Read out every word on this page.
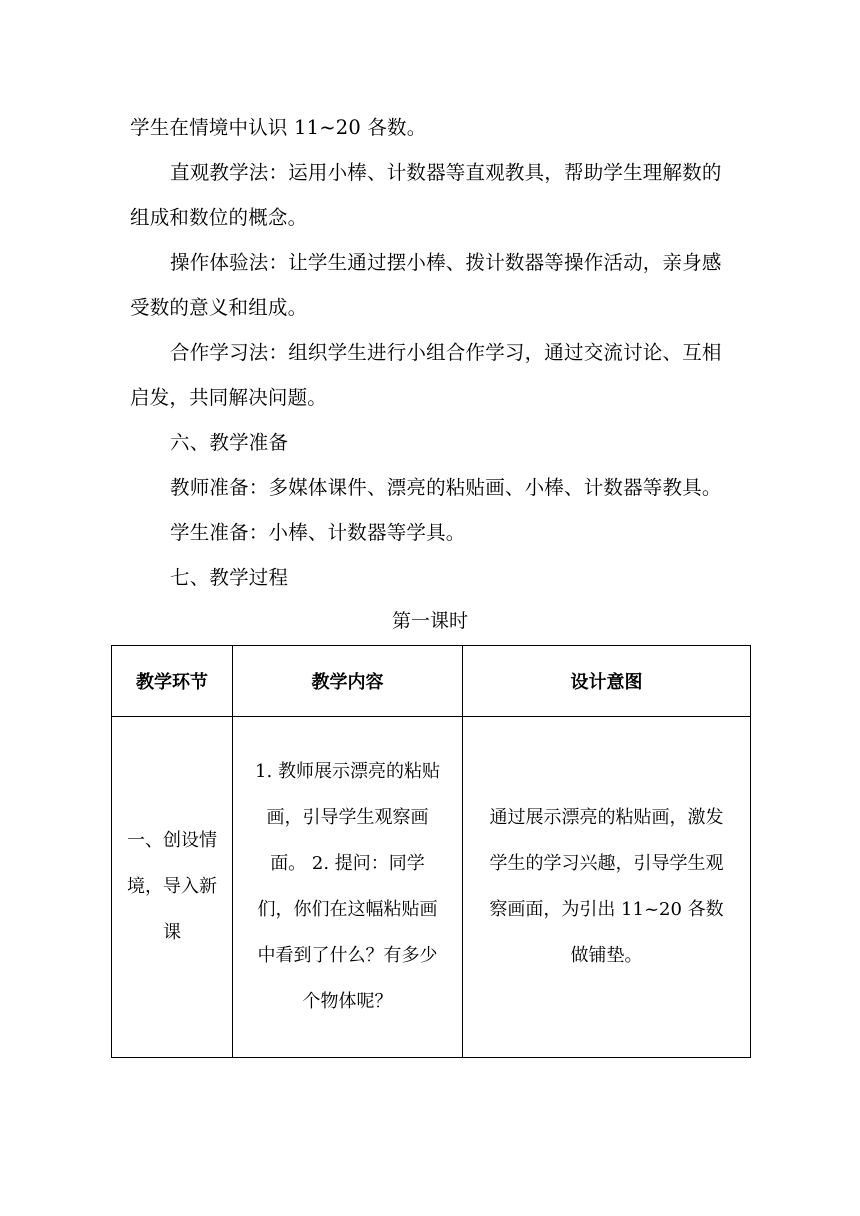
学生在情境中认识 11~20 各数。

直观教学法：运用小棒、计数器等直观教具，帮助学生理解数的组成和数位的概念。

操作体验法：让学生通过摆小棒、拨计数器等操作活动，亲身感受数的意义和组成。

合作学习法：组织学生进行小组合作学习，通过交流讨论、互相启发，共同解决问题。

六、教学准备

教师准备：多媒体课件、漂亮的粘贴画、小棒、计数器等教具。

学生准备：小棒、计数器等学具。

七、教学过程

第一课时
教学环节	教学内容	设计意图

一、创设情境，导入新课	1. 教师展示漂亮的粘贴画，引导学生观察画面。 2. 提问：同学们，你们在这幅粘贴画中看到了什么？有多少个物体呢？	通过展示漂亮的粘贴画，激发学生的学习兴趣，引导学生观察画面，为引出 11~20 各数做铺垫。
